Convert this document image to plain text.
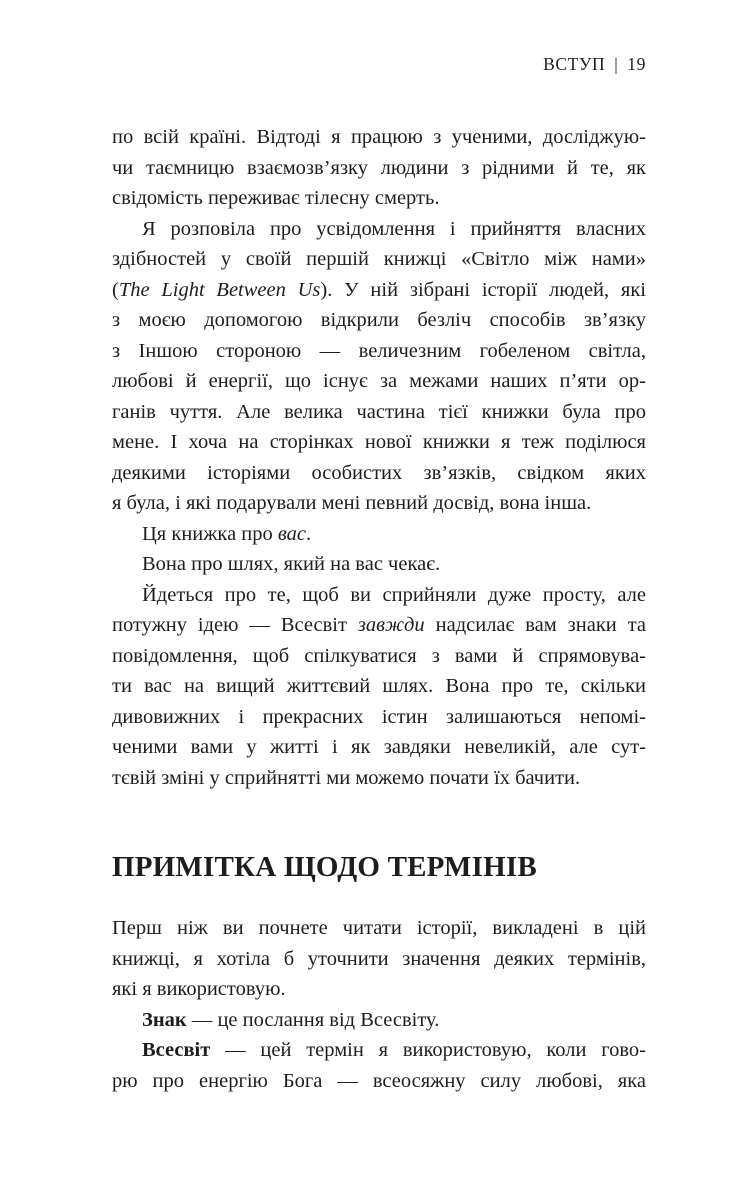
ВСТУП | 19

по всій країні. Відтоді я працюю з ученими, досліджую-
чи таємницю взаємозв’язку людини з рідними й те, як
свідомість переживає тілесну смерть.

Я розповіла про усвідомлення і прийняття власних
здібностей у своїй першій книжці «Світло між нами»
(The Light Between Us). У ній зібрані історії людей, які
з моєю допомогою відкрили безліч способів зв’язку
з Іншою стороною — величезним гобеленом світла,
любові й енергії, що існує за межами наших п’яти ор-
ганів чуття. Але велика частина тієї книжки була про
мене. І хоча на сторінках нової книжки я теж поділюся
деякими історіями особистих зв’язків, свідком яких
я була, і які подарували мені певний досвід, вона інша.

Ця книжка про вас.

Вона про шлях, який на вас чекає.

Йдеться про те, щоб ви сприйняли дуже просту, але
потужну ідею — Всесвіт завжди надсилає вам знаки та
повідомлення, щоб спілкуватися з вами й спрямовува-
ти вас на вищий життєвий шлях. Вона про те, скільки
дивовижних і прекрасних істин залишаються непомі-
ченими вами у житті і як завдяки невеликій, але сут-
тєвій зміні у сприйнятті ми можемо почати їх бачити.

ПРИМІТКА ЩОДО ТЕРМІНІВ

Перш ніж ви почнете читати історії, викладені в цій
книжці, я хотіла б уточнити значення деяких термінів,
які я використовую.

Знак — це послання від Всесвіту.

Всесвіт — цей термін я використовую, коли гово-
рю про енергію Бога — всеосяжну силу любові, яка
